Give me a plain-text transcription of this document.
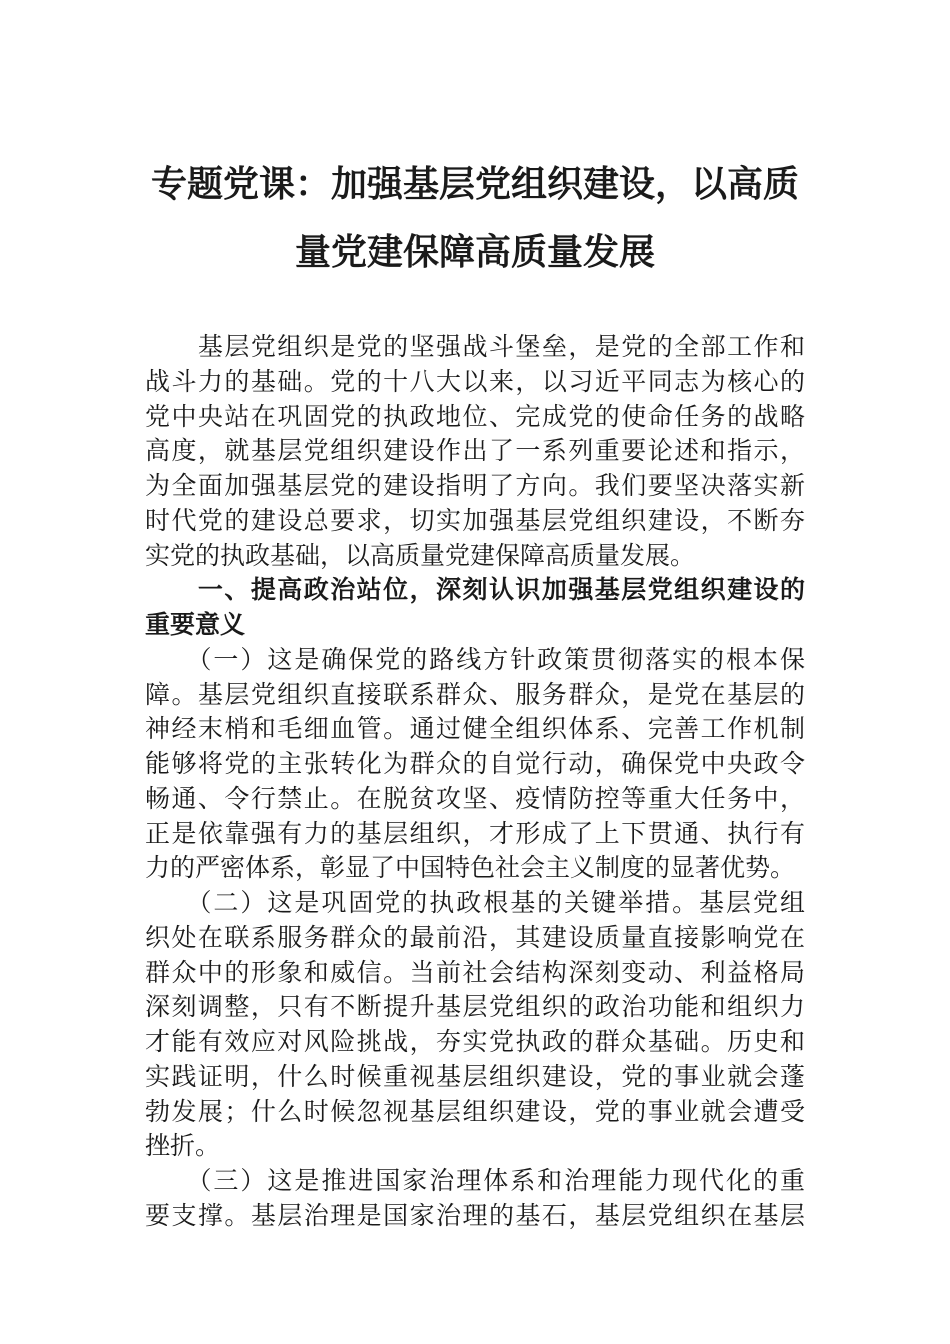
专题党课：加强基层党组织建设，以高质
量党建保障高质量发展
　　基层党组织是党的坚强战斗堡垒，是党的全部工作和
战斗力的基础。党的十八大以来，以习近平同志为核心的
党中央站在巩固党的执政地位、完成党的使命任务的战略
高度，就基层党组织建设作出了一系列重要论述和指示，
为全面加强基层党的建设指明了方向。我们要坚决落实新
时代党的建设总要求，切实加强基层党组织建设，不断夯
实党的执政基础，以高质量党建保障高质量发展。
　　一、提高政治站位，深刻认识加强基层党组织建设的
重要意义
　　（一）这是确保党的路线方针政策贯彻落实的根本保
障。基层党组织直接联系群众、服务群众，是党在基层的
神经末梢和毛细血管。通过健全组织体系、完善工作机制
能够将党的主张转化为群众的自觉行动，确保党中央政令
畅通、令行禁止。在脱贫攻坚、疫情防控等重大任务中，
正是依靠强有力的基层组织，才形成了上下贯通、执行有
力的严密体系，彰显了中国特色社会主义制度的显著优势。
　　（二）这是巩固党的执政根基的关键举措。基层党组
织处在联系服务群众的最前沿，其建设质量直接影响党在
群众中的形象和威信。当前社会结构深刻变动、利益格局
深刻调整，只有不断提升基层党组织的政治功能和组织力
才能有效应对风险挑战，夯实党执政的群众基础。历史和
实践证明，什么时候重视基层组织建设，党的事业就会蓬
勃发展；什么时候忽视基层组织建设，党的事业就会遭受
挫折。
　　（三）这是推进国家治理体系和治理能力现代化的重
要支撑。基层治理是国家治理的基石，基层党组织在基层
